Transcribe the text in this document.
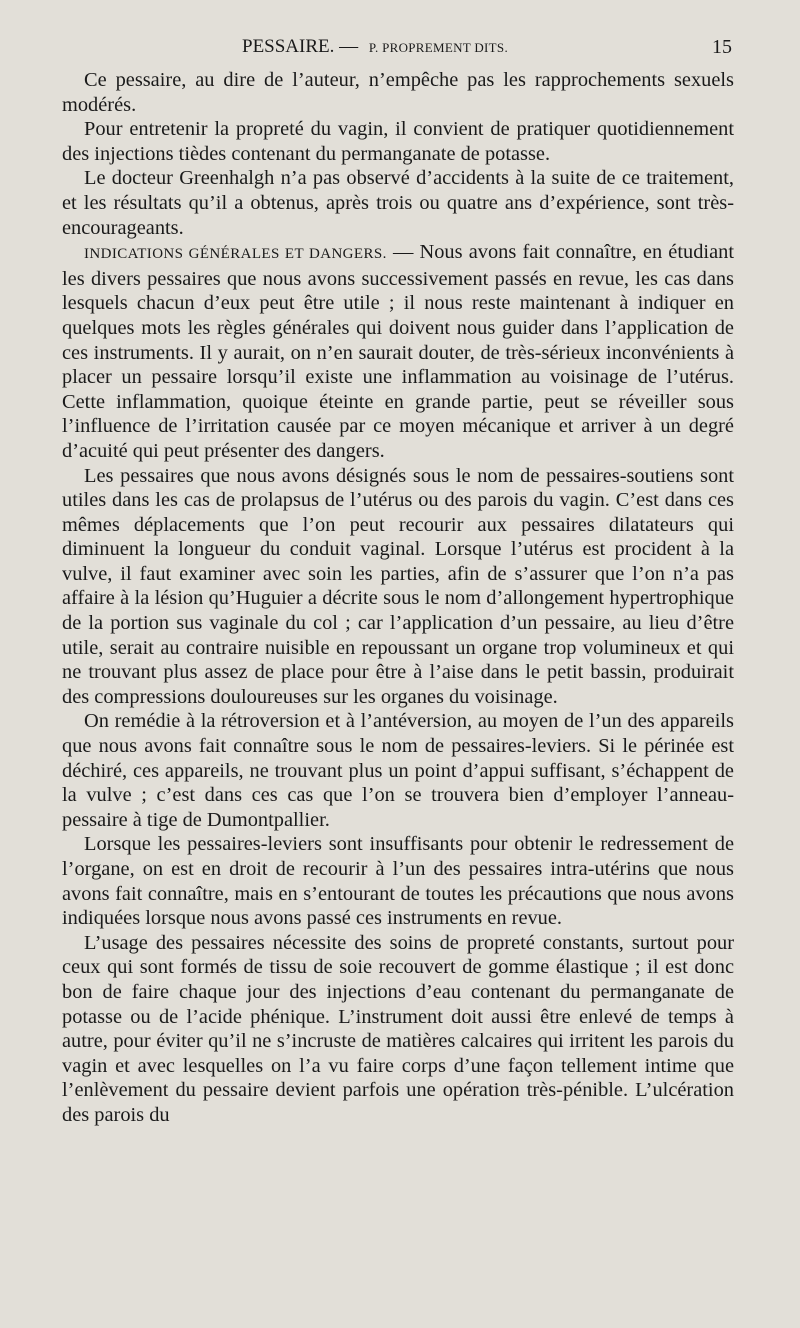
PESSAIRE. — P. PROPREMENT DITS.	15

Ce pessaire, au dire de l’auteur, n’empêche pas les rapprochements sexuels modérés.

Pour entretenir la propreté du vagin, il convient de pratiquer quotidiennement des injections tièdes contenant du permanganate de potasse.

Le docteur Greenhalgh n’a pas observé d’accidents à la suite de ce traitement, et les résultats qu’il a obtenus, après trois ou quatre ans d’expérience, sont très-encourageants.

INDICATIONS GÉNÉRALES ET DANGERS. — Nous avons fait connaître, en étudiant les divers pessaires que nous avons successivement passés en revue, les cas dans lesquels chacun d’eux peut être utile ; il nous reste maintenant à indiquer en quelques mots les règles générales qui doivent nous guider dans l’application de ces instruments. Il y aurait, on n’en saurait douter, de très-sérieux inconvénients à placer un pessaire lorsqu’il existe une inflammation au voisinage de l’utérus. Cette inflammation, quoique éteinte en grande partie, peut se réveiller sous l’influence de l’irritation causée par ce moyen mécanique et arriver à un degré d’acuité qui peut présenter des dangers.

Les pessaires que nous avons désignés sous le nom de pessaires-soutiens sont utiles dans les cas de prolapsus de l’utérus ou des parois du vagin. C’est dans ces mêmes déplacements que l’on peut recourir aux pessaires dilatateurs qui diminuent la longueur du conduit vaginal. Lorsque l’utérus est procident à la vulve, il faut examiner avec soin les parties, afin de s’assurer que l’on n’a pas affaire à la lésion qu’Huguier a décrite sous le nom d’allongement hypertrophique de la portion sus vaginale du col ; car l’application d’un pessaire, au lieu d’être utile, serait au contraire nuisible en repoussant un organe trop volumineux et qui ne trouvant plus assez de place pour être à l’aise dans le petit bassin, produirait des compressions douloureuses sur les organes du voisinage.

On remédie à la rétroversion et à l’antéversion, au moyen de l’un des appareils que nous avons fait connaître sous le nom de pessaires-leviers. Si le périnée est déchiré, ces appareils, ne trouvant plus un point d’appui suffisant, s’échappent de la vulve ; c’est dans ces cas que l’on se trouvera bien d’employer l’anneau-pessaire à tige de Dumontpallier.

Lorsque les pessaires-leviers sont insuffisants pour obtenir le redressement de l’organe, on est en droit de recourir à l’un des pessaires intra-utérins que nous avons fait connaître, mais en s’entourant de toutes les précautions que nous avons indiquées lorsque nous avons passé ces instruments en revue.

L’usage des pessaires nécessite des soins de propreté constants, surtout pour ceux qui sont formés de tissu de soie recouvert de gomme élastique ; il est donc bon de faire chaque jour des injections d’eau contenant du permanganate de potasse ou de l’acide phénique. L’instrument doit aussi être enlevé de temps à autre, pour éviter qu’il ne s’incruste de matières calcaires qui irritent les parois du vagin et avec lesquelles on l’a vu faire corps d’une façon tellement intime que l’enlèvement du pessaire devient parfois une opération très-pénible. L’ulcération des parois du
